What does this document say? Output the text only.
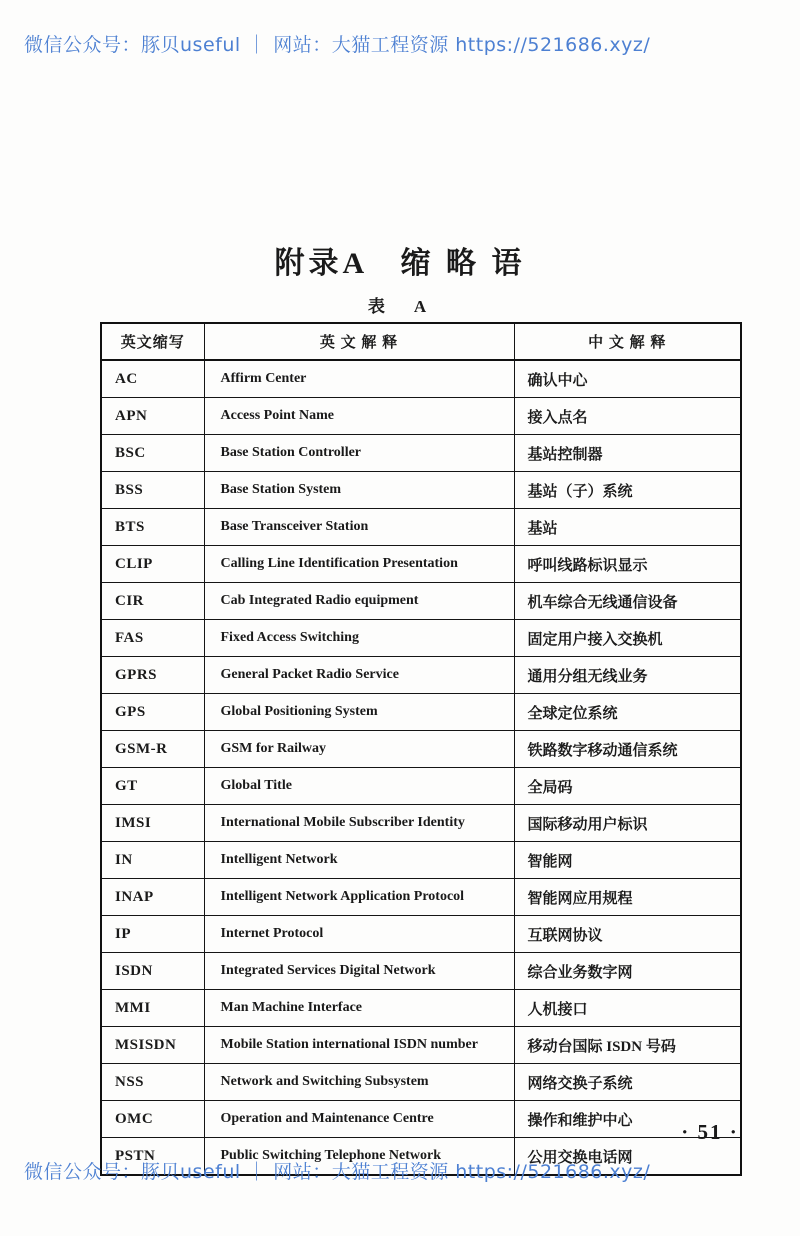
微信公众号：豚贝useful ｜ 网站：大猫工程资源 https://521686.xyz/
附录A　缩 略 语
表　A
英文缩写	英 文 解 释	中 文 解 释
AC	Affirm Center	确认中心
APN	Access Point Name	接入点名
BSC	Base Station Controller	基站控制器
BSS	Base Station System	基站（子）系统
BTS	Base Transceiver Station	基站
CLIP	Calling Line Identification Presentation	呼叫线路标识显示
CIR	Cab Integrated Radio equipment	机车综合无线通信设备
FAS	Fixed Access Switching	固定用户接入交换机
GPRS	General Packet Radio Service	通用分组无线业务
GPS	Global Positioning System	全球定位系统
GSM-R	GSM for Railway	铁路数字移动通信系统
GT	Global Title	全局码
IMSI	International Mobile Subscriber Identity	国际移动用户标识
IN	Intelligent Network	智能网
INAP	Intelligent Network Application Protocol	智能网应用规程
IP	Internet Protocol	互联网协议
ISDN	Integrated Services Digital Network	综合业务数字网
MMI	Man Machine Interface	人机接口
MSISDN	Mobile Station international ISDN number	移动台国际 ISDN 号码
NSS	Network and Switching Subsystem	网络交换子系统
OMC	Operation and Maintenance Centre	操作和维护中心
PSTN	Public Switching Telephone Network	公用交换电话网
· 51 ·
微信公众号：豚贝useful ｜ 网站：大猫工程资源 https://521686.xyz/
